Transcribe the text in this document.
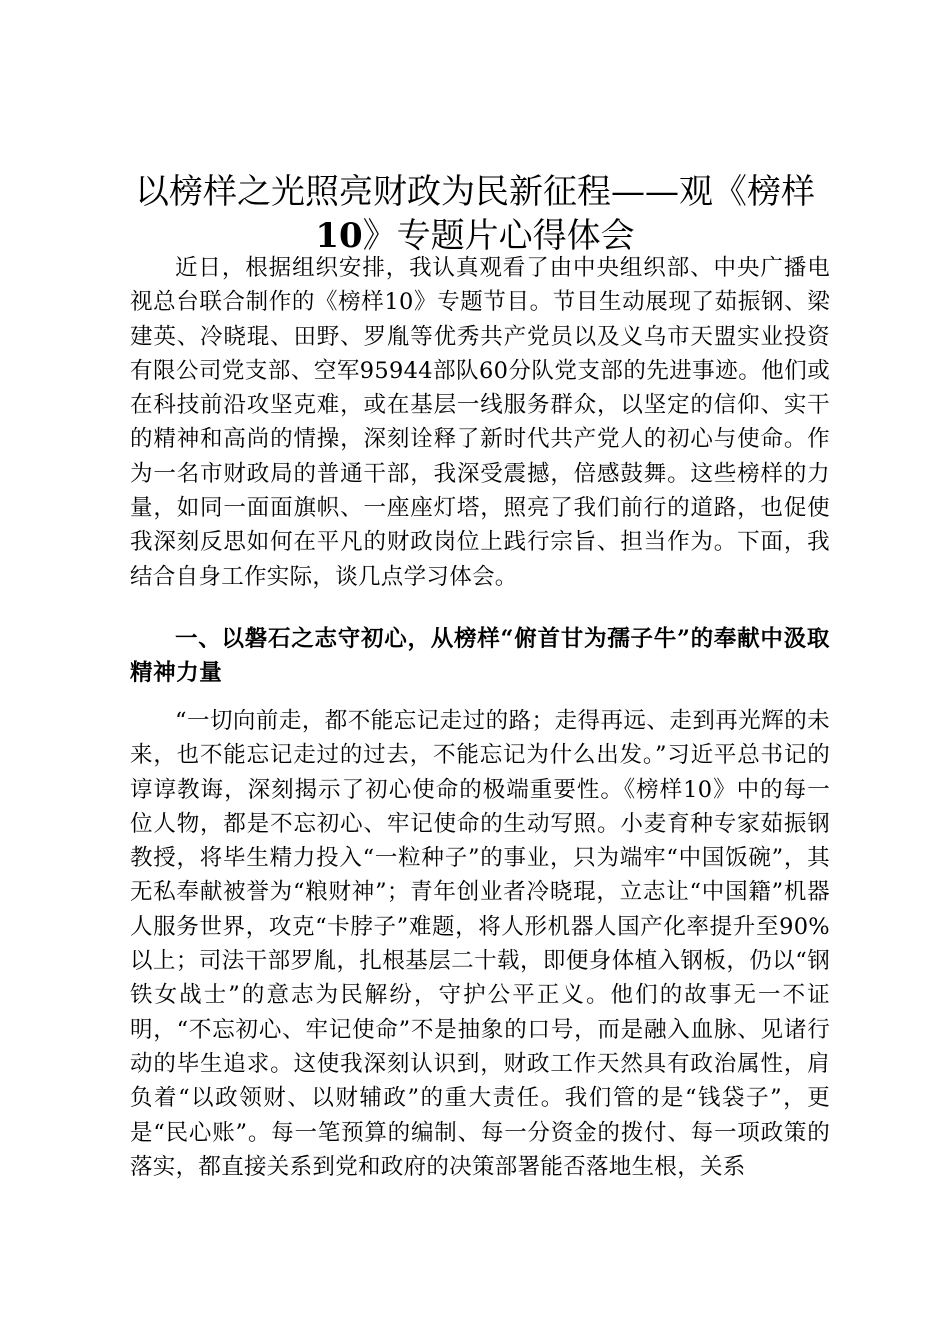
以榜样之光照亮财政为民新征程——观《榜样
10》专题片心得体会

近日，根据组织安排，我认真观看了由中央组织部、中央广播电视总台联合制作的《榜样10》专题节目。节目生动展现了茹振钢、梁建英、冷晓琨、田野、罗胤等优秀共产党员以及义乌市天盟实业投资有限公司党支部、空军95944部队60分队党支部的先进事迹。他们或在科技前沿攻坚克难，或在基层一线服务群众，以坚定的信仰、实干的精神和高尚的情操，深刻诠释了新时代共产党人的初心与使命。作为一名市财政局的普通干部，我深受震撼，倍感鼓舞。这些榜样的力量，如同一面面旗帜、一座座灯塔，照亮了我们前行的道路，也促使我深刻反思如何在平凡的财政岗位上践行宗旨、担当作为。下面，我结合自身工作实际，谈几点学习体会。

一、以磐石之志守初心，从榜样“俯首甘为孺子牛”的奉献中汲取精神力量

“一切向前走，都不能忘记走过的路；走得再远、走到再光辉的未来，也不能忘记走过的过去，不能忘记为什么出发。”习近平总书记的谆谆教诲，深刻揭示了初心使命的极端重要性。《榜样10》中的每一位人物，都是不忘初心、牢记使命的生动写照。小麦育种专家茹振钢教授，将毕生精力投入“一粒种子”的事业，只为端牢“中国饭碗”，其无私奉献被誉为“粮财神”；青年创业者冷晓琨，立志让“中国籍”机器人服务世界，攻克“卡脖子”难题，将人形机器人国产化率提升至90%以上；司法干部罗胤，扎根基层二十载，即便身体植入钢板，仍以“钢铁女战士”的意志为民解纷，守护公平正义。他们的故事无一不证明，“不忘初心、牢记使命”不是抽象的口号，而是融入血脉、见诸行动的毕生追求。这使我深刻认识到，财政工作天然具有政治属性，肩负着“以政领财、以财辅政”的重大责任。我们管的是“钱袋子”，更是“民心账”。每一笔预算的编制、每一分资金的拨付、每一项政策的落实，都直接关系到党和政府的决策部署能否落地生根，关系
